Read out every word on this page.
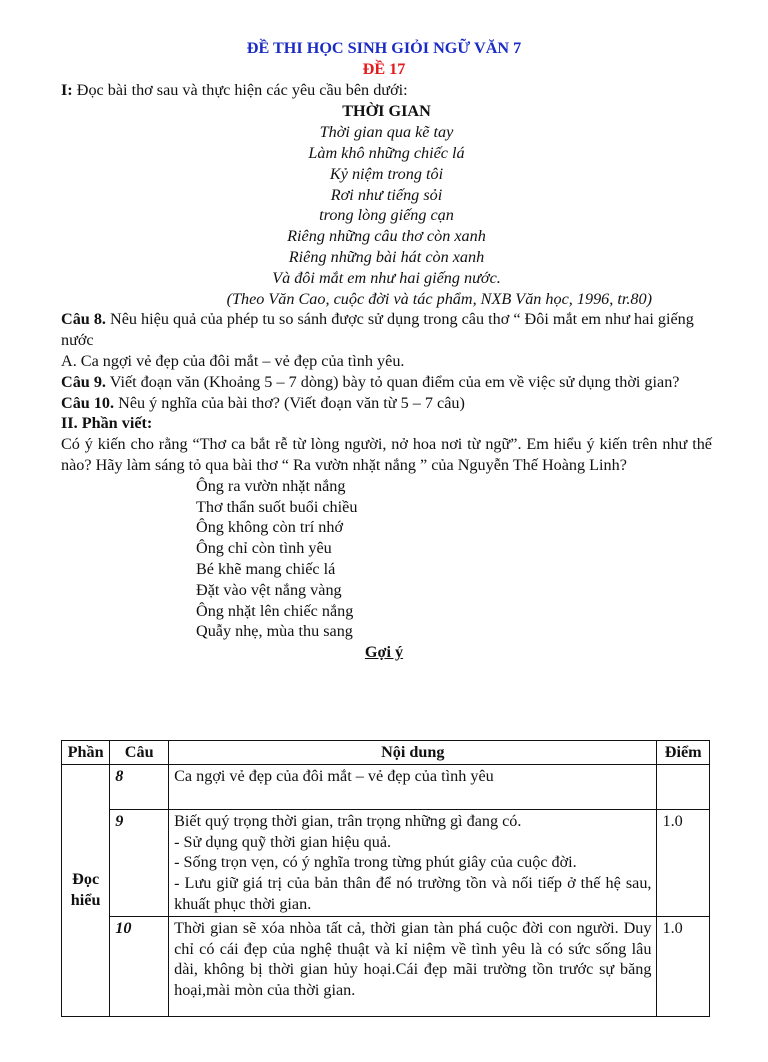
ĐỀ THI HỌC SINH GIỎI NGỮ VĂN 7
ĐỀ 17
I: Đọc bài thơ sau và thực hiện các yêu cầu bên dưới:
THỜI GIAN
Thời gian qua kẽ tay
Làm khô những chiếc lá
Kỷ niệm trong tôi
Rơi như tiếng sỏi
trong lòng giếng cạn
Riêng những câu thơ còn xanh
Riêng những bài hát còn xanh
Và đôi mắt em như hai giếng nước.
(Theo Văn Cao, cuộc đời và tác phẩm, NXB Văn học, 1996, tr.80)
Câu 8. Nêu hiệu quả của phép tu so sánh được sử dụng trong câu thơ “ Đôi mắt em như hai giếng nước
A. Ca ngợi vẻ đẹp của đôi mắt – vẻ đẹp của tình yêu.
Câu 9. Viết đoạn văn (Khoảng 5 – 7 dòng) bày tỏ quan điểm của em về việc sử dụng thời gian?
Câu 10. Nêu ý nghĩa của bài thơ? (Viết đoạn văn từ 5 – 7 câu)
II. Phần viết:
Có ý kiến cho rằng “Thơ ca bắt rễ từ lòng người, nở hoa nơi từ ngữ”. Em hiểu ý kiến trên như thế nào? Hãy làm sáng tỏ qua bài thơ “ Ra vườn nhặt nắng ” của Nguyễn Thế Hoàng Linh?
Ông ra vườn nhặt nắng
Thơ thẩn suốt buổi chiều
Ông không còn trí nhớ
Ông chỉ còn tình yêu
Bé khẽ mang chiếc lá
Đặt vào vệt nắng vàng
Ông nhặt lên chiếc nắng
Quẫy nhẹ, mùa thu sang
Gợi ý
Phần	Câu	Nội dung	Điểm
Đọc hiểu	8	Ca ngợi vẻ đẹp của đôi mắt – vẻ đẹp của tình yêu	

	9	Biết quý trọng thời gian, trân trọng những gì đang có.
- Sử dụng quỹ thời gian hiệu quả.
- Sống trọn vẹn, có ý nghĩa trong từng phút giây của cuộc đời.
- Lưu giữ giá trị của bản thân để nó trường tồn và nối tiếp ở thế hệ sau, khuất phục thời gian.	1.0
	10	Thời gian sẽ xóa nhòa tất cả, thời gian tàn phá cuộc đời con người. Duy chỉ có cái đẹp của nghệ thuật và kỉ niệm về tình yêu là có sức sống lâu dài, không bị thời gian hủy hoại.Cái đẹp mãi trường tồn trước sự băng hoại,mài mòn của thời gian.	1.0
